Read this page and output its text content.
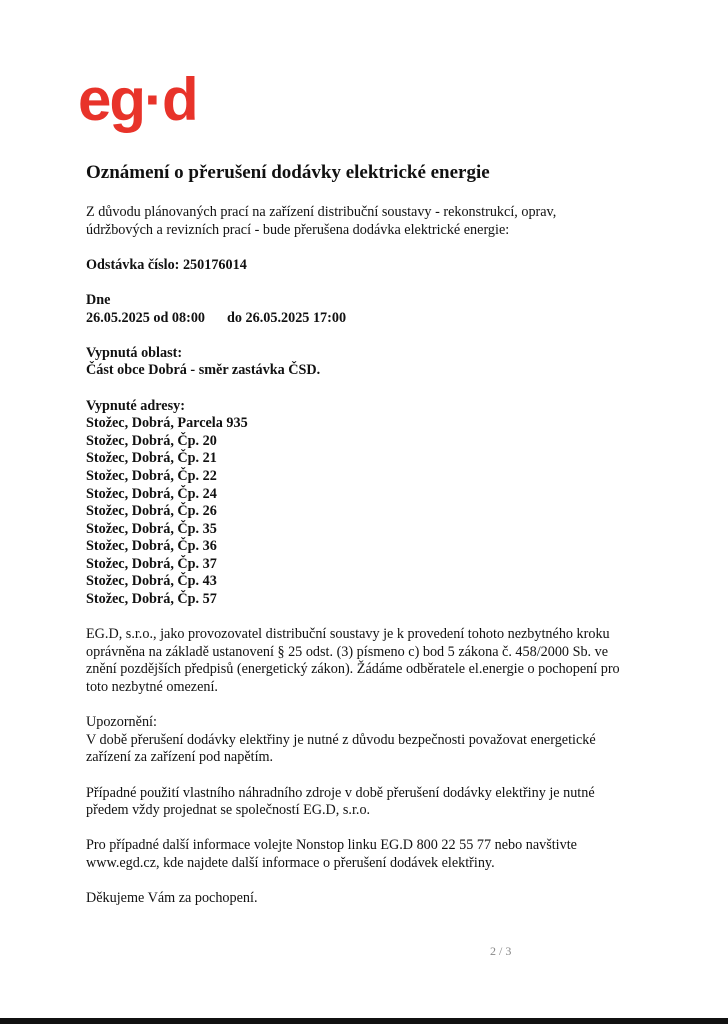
eg·d
Oznámení o přerušení dodávky elektrické energie

Z důvodu plánovaných prací na zařízení distribuční soustavy - rekonstrukcí, oprav,

údržbových a revizních prací - bude přerušena dodávka elektrické energie:

Odstávka číslo: 250176014

Dne

26.05.2025 od 08:00 do 26.05.2025 17:00

Vypnutá oblast:

Část obce Dobrá - směr zastávka ČSD.

Vypnuté adresy:

Stožec, Dobrá, Parcela 935
Stožec, Dobrá, Čp. 20
Stožec, Dobrá, Čp. 21
Stožec, Dobrá, Čp. 22
Stožec, Dobrá, Čp. 24
Stožec, Dobrá, Čp. 26
Stožec, Dobrá, Čp. 35
Stožec, Dobrá, Čp. 36
Stožec, Dobrá, Čp. 37
Stožec, Dobrá, Čp. 43
Stožec, Dobrá, Čp. 57

EG.D, s.r.o., jako provozovatel distribuční soustavy je k provedení tohoto nezbytného kroku

oprávněna na základě ustanovení § 25 odst. (3) písmeno c) bod 5 zákona č. 458/2000 Sb. ve

znění pozdějších předpisů (energetický zákon). Žádáme odběratele el.energie o pochopení pro

toto nezbytné omezení.

Upozornění:

V době přerušení dodávky elektřiny je nutné z důvodu bezpečnosti považovat energetické

zařízení za zařízení pod napětím.

Případné použití vlastního náhradního zdroje v době přerušení dodávky elektřiny je nutné

předem vždy projednat se společností EG.D, s.r.o.

Pro případné další informace volejte Nonstop linku EG.D 800 22 55 77 nebo navštivte

www.egd.cz, kde najdete další informace o přerušení dodávek elektřiny.

Děkujeme Vám za pochopení.

2 / 3
